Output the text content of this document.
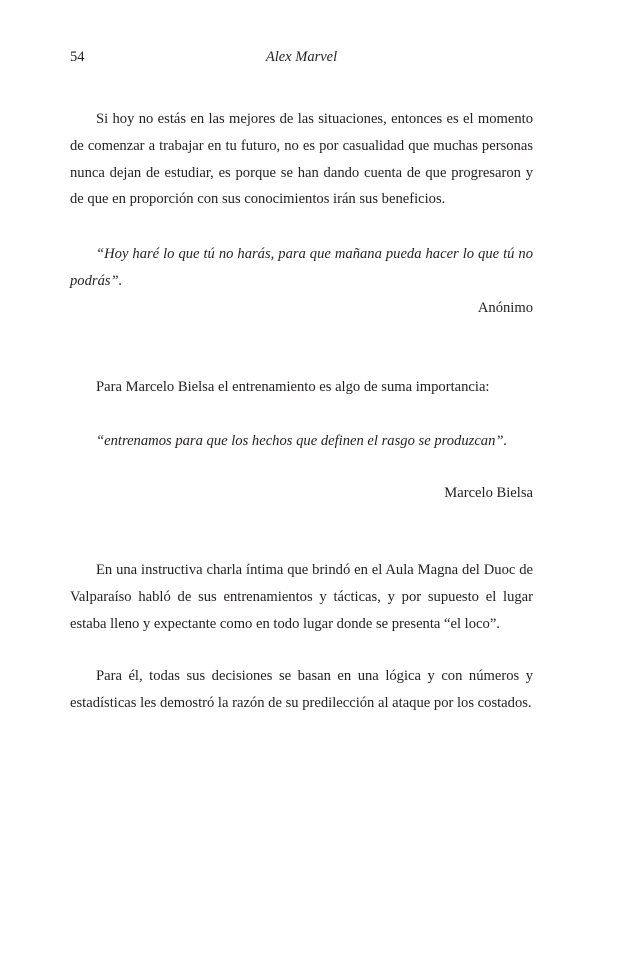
54	Alex Marvel

Si hoy no estás en las mejores de las situaciones, entonces es el momento de comenzar a trabajar en tu futuro, no es por casualidad que muchas personas nunca dejan de estudiar, es porque se han dando cuenta de que progresaron y de que en proporción con sus conocimientos irán sus beneficios.

“Hoy haré lo que tú no harás, para que mañana pueda hacer lo que tú no podrás”.

Anónimo

Para Marcelo Bielsa el entrenamiento es algo de suma importancia:

“entrenamos para que los hechos que definen el rasgo se produzcan”.

Marcelo Bielsa

En una instructiva charla íntima que brindó en el Aula Magna del Duoc de Valparaíso habló de sus entrenamientos y tácticas, y por supuesto el lugar estaba lleno y expectante como en todo lugar donde se presenta “el loco”.

Para él, todas sus decisiones se basan en una lógica y con números y estadísticas les demostró la razón de su predilección al ataque por los costados.
